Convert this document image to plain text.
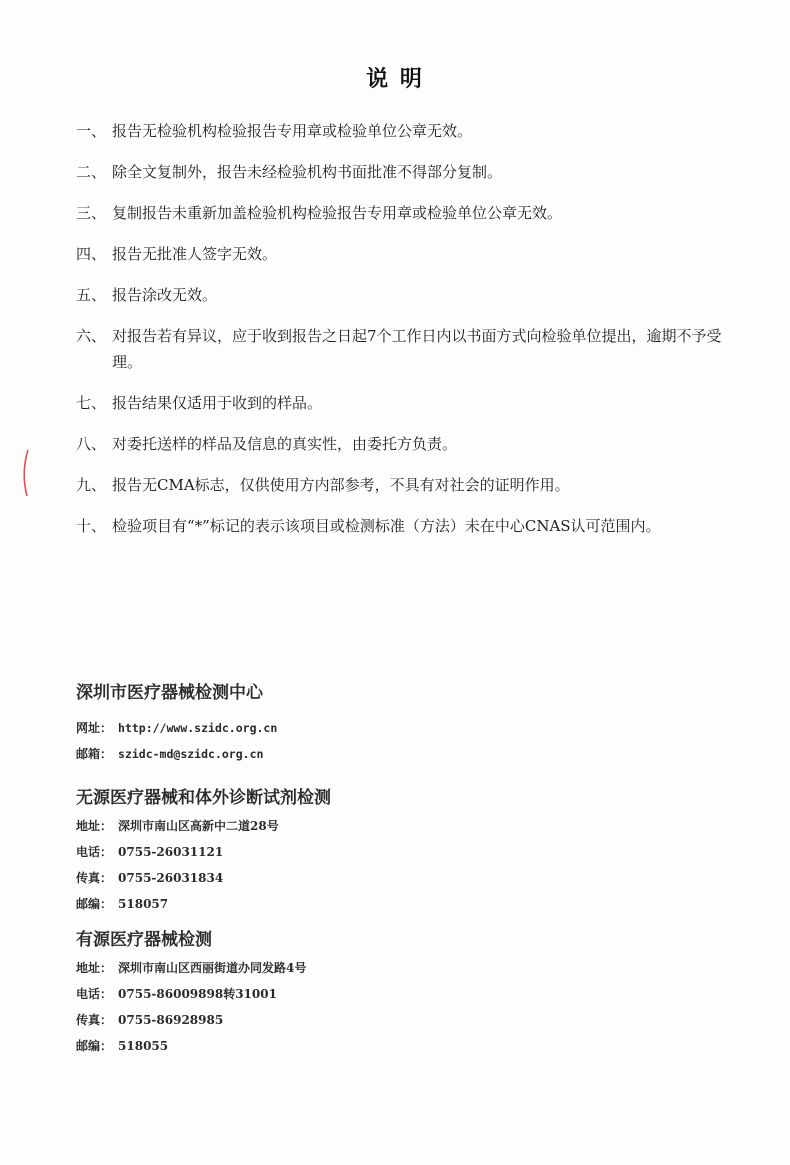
说 明
一、 报告无检验机构检验报告专用章或检验单位公章无效。
二、 除全文复制外，报告未经检验机构书面批准不得部分复制。
三、 复制报告未重新加盖检验机构检验报告专用章或检验单位公章无效。
四、 报告无批准人签字无效。
五、 报告涂改无效。
六、 对报告若有异议，应于收到报告之日起7个工作日内以书面方式向检验单位提出，逾期不予受理。
七、 报告结果仅适用于收到的样品。
八、 对委托送样的样品及信息的真实性，由委托方负责。
九、 报告无CMA标志，仅供使用方内部参考，不具有对社会的证明作用。
十、 检验项目有“*”标记的表示该项目或检测标准（方法）未在中心CNAS认可范围内。
深圳市医疗器械检测中心
网址： http://www.szidc.org.cn
邮箱： szidc-md@szidc.org.cn
无源医疗器械和体外诊断试剂检测
地址： 深圳市南山区高新中二道28号
电话： 0755-26031121
传真： 0755-26031834
邮编： 518057
有源医疗器械检测
地址： 深圳市南山区西丽街道办同发路4号
电话： 0755-86009898转31001
传真： 0755-86928985
邮编： 518055
